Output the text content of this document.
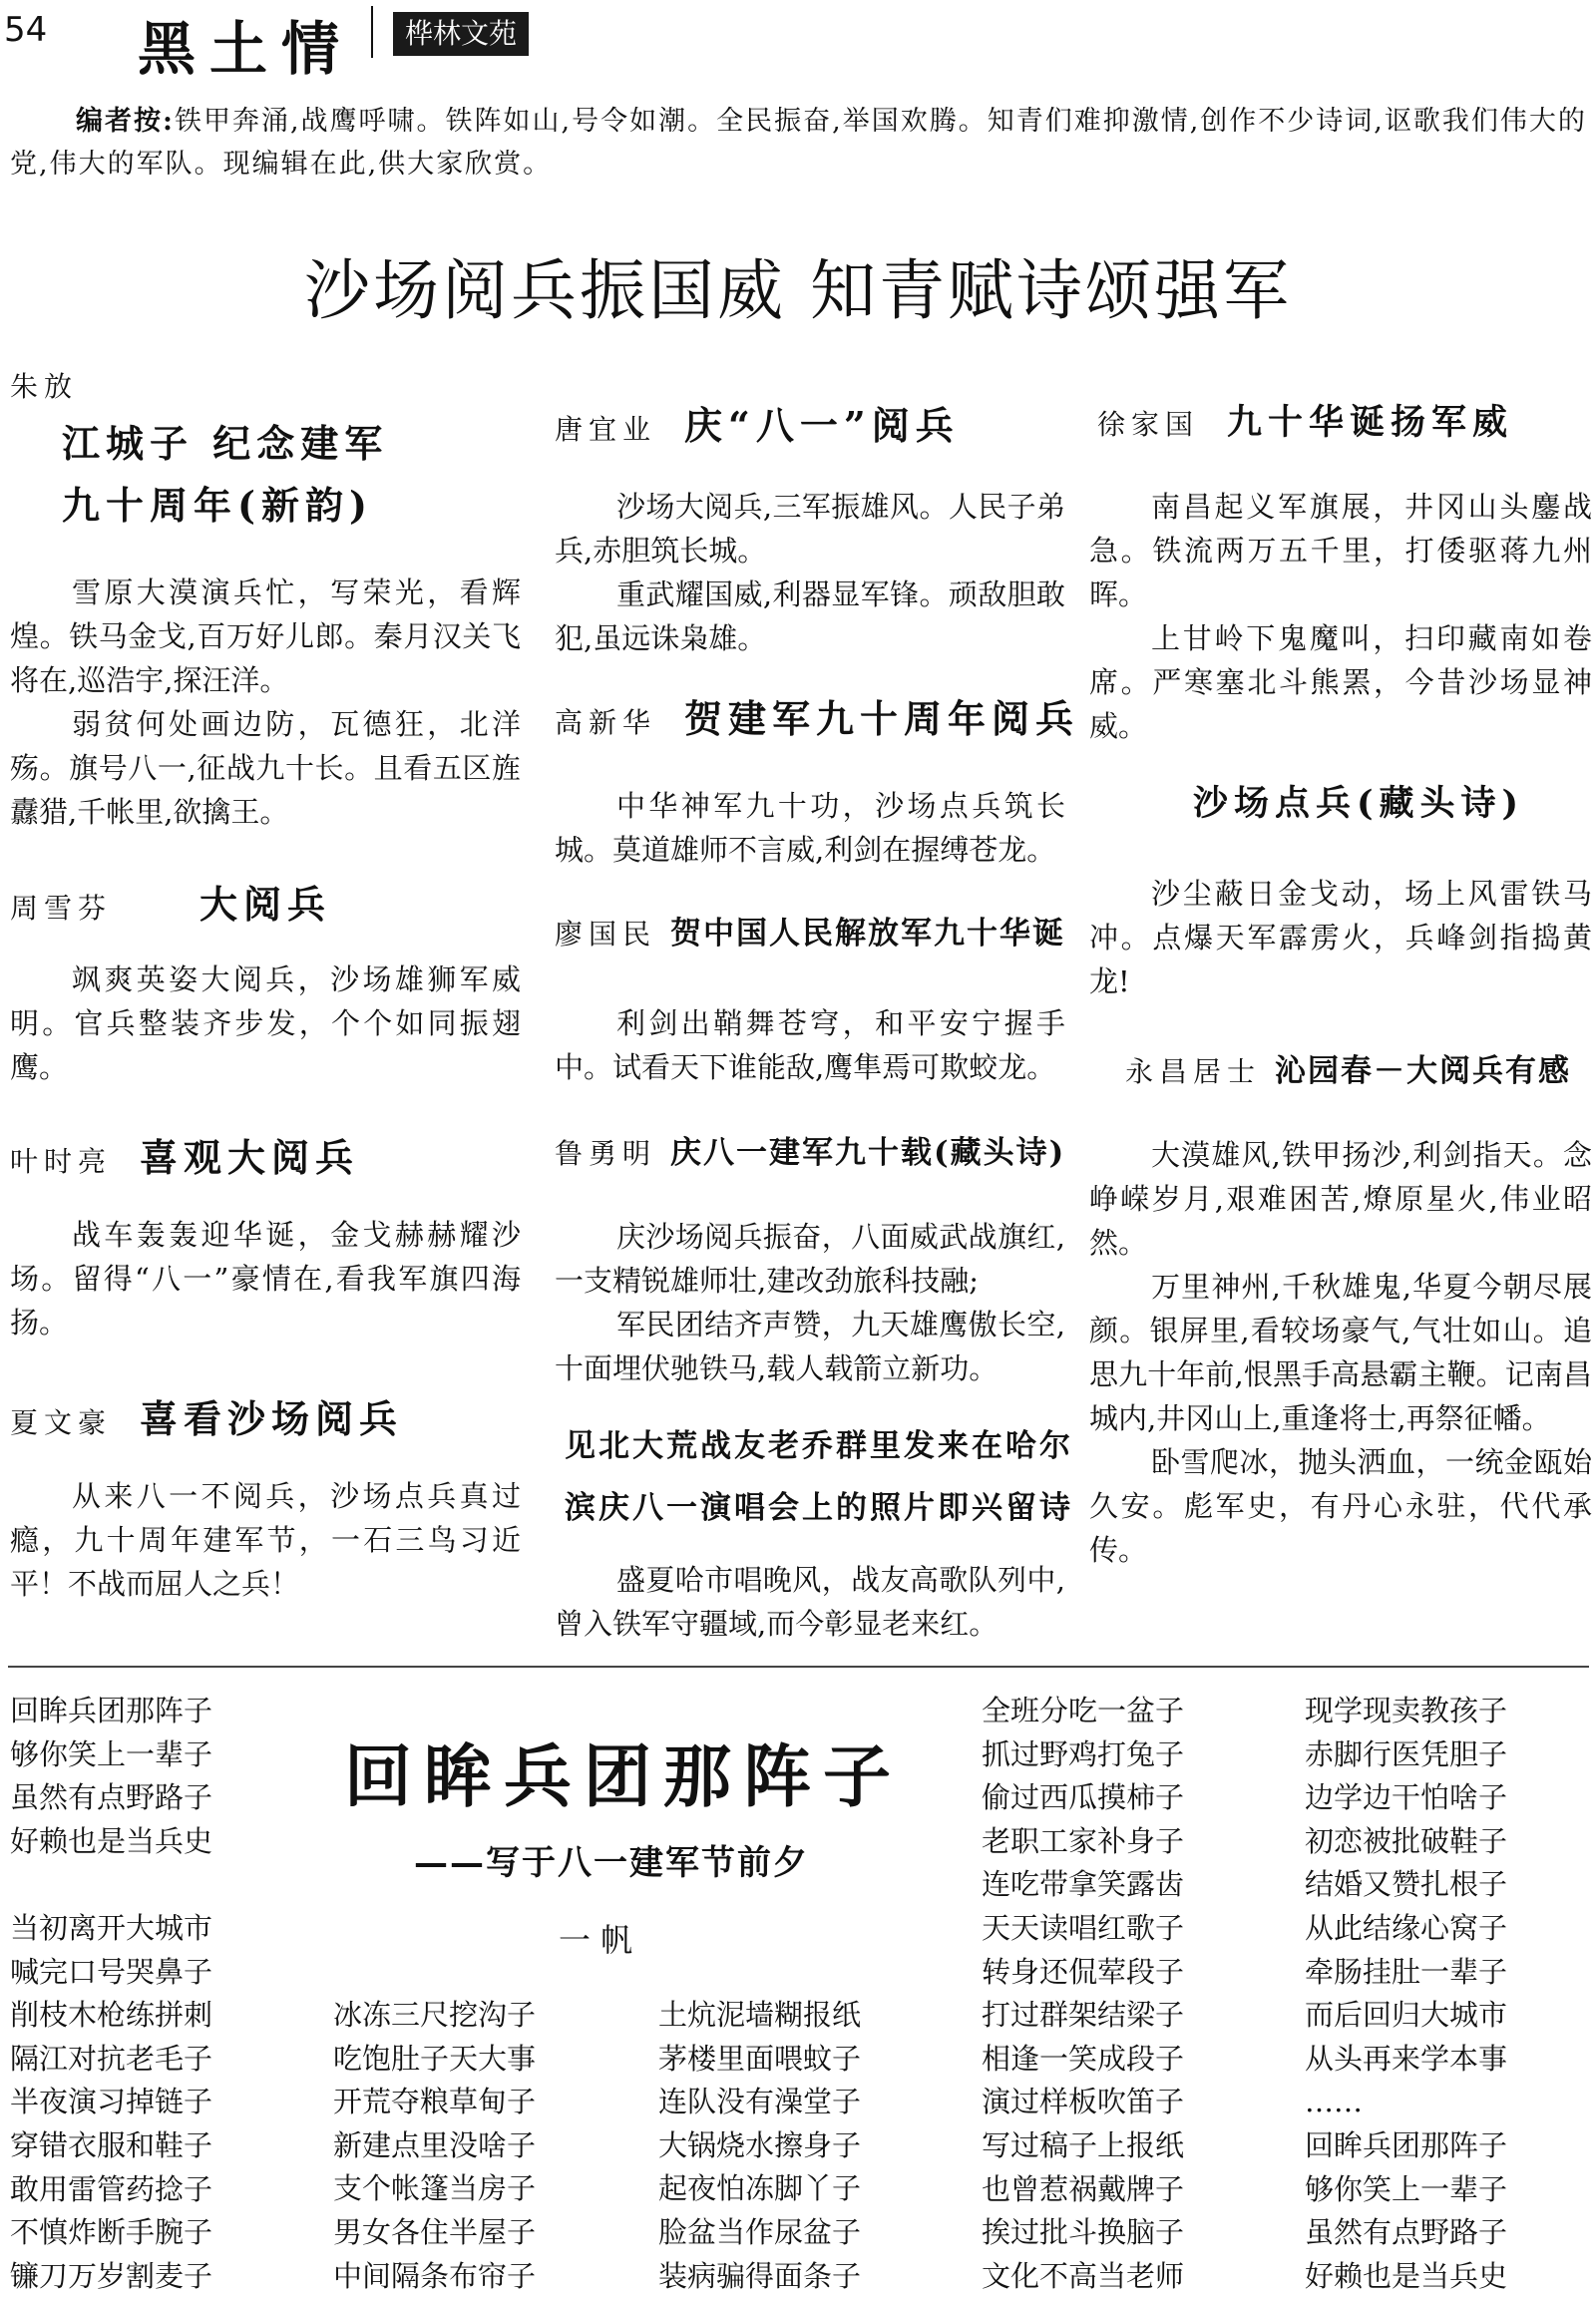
54 黑土情	桦林文苑

编者按:铁甲奔涌,战鹰呼啸。铁阵如山,号令如潮。全民振奋,举国欢腾。知青们难抑激情,创作不少诗词,讴歌我们伟大的党,伟大的军队。现编辑在此,供大家欣赏。

沙场阅兵振国威 知青赋诗颂强军
朱放
江城子 纪念建军
九十周年(新韵)

雪原大漠演兵忙，写荣光，看辉煌。铁马金戈,百万好儿郎。秦月汉关飞将在,巡浩宇,探汪洋。

弱贫何处画边防，瓦德狂，北洋殇。旗号八一,征战九十长。且看五区旌纛猎,千帐里,欲擒王。

周雪芬 大阅兵

飒爽英姿大阅兵，沙场雄狮军威明。官兵整装齐步发，个个如同振翅鹰。

叶时亮 喜观大阅兵

战车轰轰迎华诞，金戈赫赫耀沙场。留得“八一”豪情在,看我军旗四海扬。

夏文豪 喜看沙场阅兵

从来八一不阅兵，沙场点兵真过瘾，九十周年建军节，一石三鸟习近平！不战而屈人之兵！

唐宜业 庆“八一”阅兵

沙场大阅兵,三军振雄风。人民子弟兵,赤胆筑长城。

重武耀国威,利器显军锋。顽敌胆敢犯,虽远诛枭雄。

高新华 贺建军九十周年阅兵

中华神军九十功，沙场点兵筑长城。莫道雄师不言威,利剑在握缚苍龙。

廖国民 贺中国人民解放军九十华诞

利剑出鞘舞苍穹，和平安宁握手中。试看天下谁能敌,鹰隼焉可欺蛟龙。

鲁勇明 庆八一建军九十载(藏头诗)

庆沙场阅兵振奋，八面威武战旗红,一支精锐雄师壮,建改劲旅科技融;

军民团结齐声赞，九天雄鹰傲长空,十面埋伏驰铁马,载人载箭立新功。

见北大荒战友老乔群里发来在哈尔
滨庆八一演唱会上的照片即兴留诗

盛夏哈市唱晚风，战友高歌队列中,曾入铁军守疆域,而今彰显老来红。

徐家国 九十华诞扬军威

南昌起义军旗展，井冈山头鏖战急。铁流两万五千里，打倭驱蒋九州晖。

上甘岭下鬼魔叫，扫印藏南如卷席。严寒塞北斗熊罴，今昔沙场显神威。

沙场点兵(藏头诗)

沙尘蔽日金戈动，场上风雷铁马冲。点爆天军霹雳火，兵峰剑指捣黄龙!

永昌居士 沁园春－大阅兵有感

大漠雄风,铁甲扬沙,利剑指天。念峥嵘岁月,艰难困苦,燎原星火,伟业昭然。

万里神州,千秋雄鬼,华夏今朝尽展颜。银屏里,看较场豪气,气壮如山。追思九十年前,恨黑手高悬霸主鞭。记南昌城内,井冈山上,重逢将士,再祭征幡。

卧雪爬冰，抛头洒血，一统金瓯始久安。彪军史，有丹心永驻，代代承传。

回眸兵团那阵子
——写于八一建军节前夕
一 帆
回眸兵团那阵子
够你笑上一辈子
虽然有点野路子
好赖也是当兵史
当初离开大城市
喊完口号哭鼻子
削枝木枪练拼刺
隔江对抗老毛子
半夜演习掉链子
穿错衣服和鞋子
敢用雷管药捻子
不慎炸断手腕子
镰刀万岁割麦子
冰冻三尺挖沟子
吃饱肚子天大事
开荒夺粮草甸子
新建点里没啥子
支个帐篷当房子
男女各住半屋子
中间隔条布帘子
土炕泥墙糊报纸
茅楼里面喂蚊子
连队没有澡堂子
大锅烧水擦身子
起夜怕冻脚丫子
脸盆当作尿盆子
装病骗得面条子
全班分吃一盆子
抓过野鸡打兔子
偷过西瓜摸柿子
老职工家补身子
连吃带拿笑露齿
天天读唱红歌子
转身还侃荤段子
打过群架结梁子
相逢一笑成段子
演过样板吹笛子
写过稿子上报纸
也曾惹祸戴牌子
挨过批斗换脑子
文化不高当老师
现学现卖教孩子
赤脚行医凭胆子
边学边干怕啥子
初恋被批破鞋子
结婚又赞扎根子
从此结缘心窝子
牵肠挂肚一辈子
而后回归大城市
从头再来学本事
……
回眸兵团那阵子
够你笑上一辈子
虽然有点野路子
好赖也是当兵史
